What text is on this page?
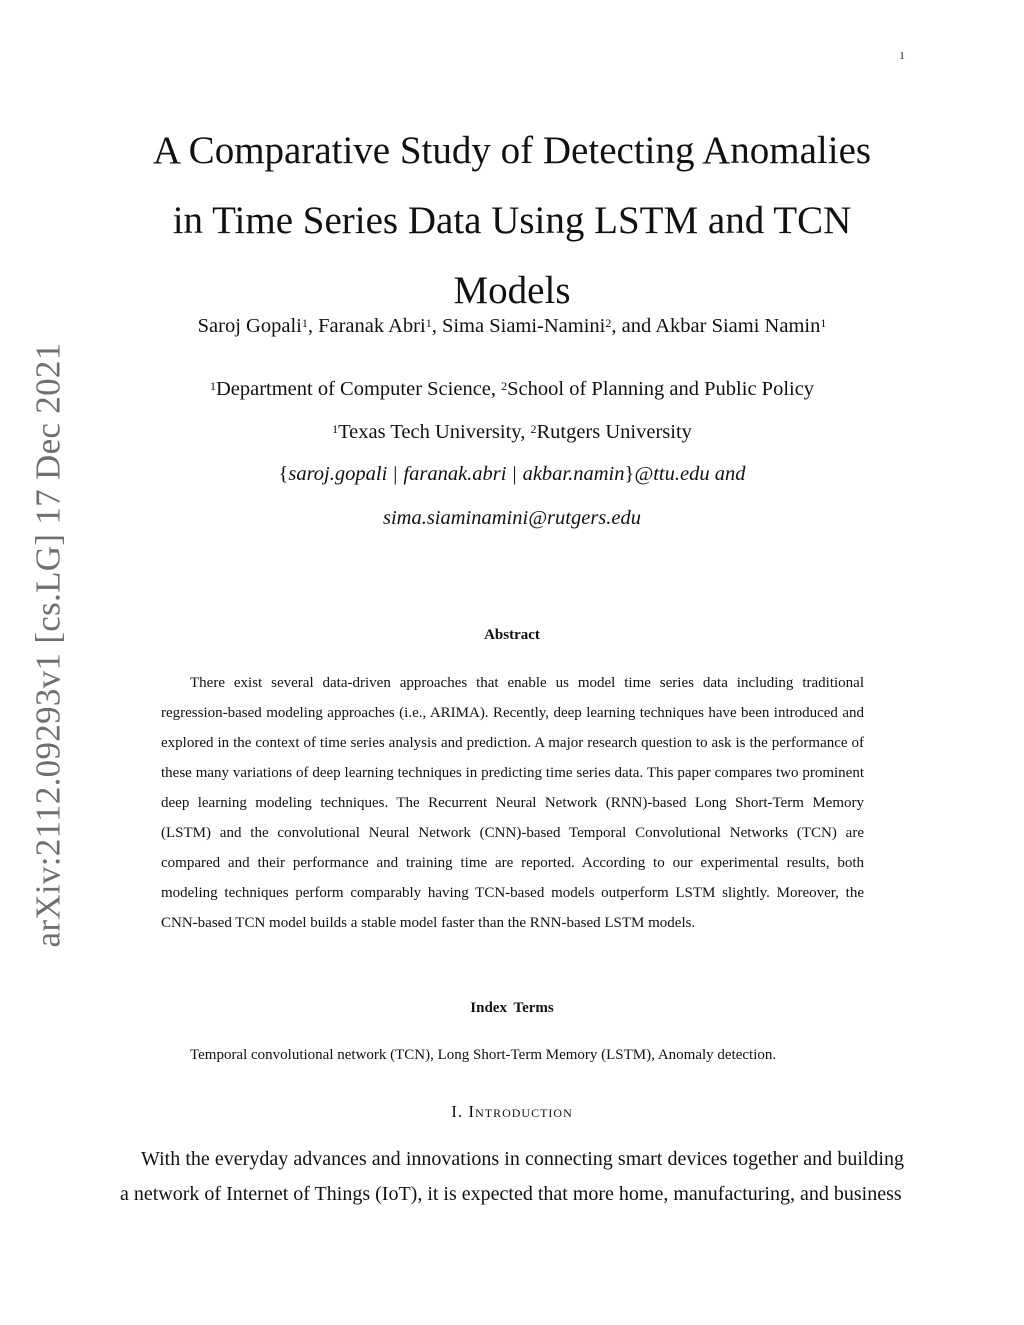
1
arXiv:2112.09293v1 [cs.LG] 17 Dec 2021
A Comparative Study of Detecting Anomalies
in Time Series Data Using LSTM and TCN
Models
Saroj Gopali$^1$, Faranak Abri$^1$, Sima Siami-Namini$^2$, and Akbar Siami Namin$^1$
$^1$Department of Computer Science, $^2$School of Planning and Public Policy
$^1$Texas Tech University, $^2$Rutgers University
{saroj.gopali | faranak.abri | akbar.namin}@ttu.edu and
sima.siaminamini@rutgers.edu
Abstract

There exist several data-driven approaches that enable us model time series data including traditional regression-based modeling approaches (i.e., ARIMA). Recently, deep learning techniques have been introduced and explored in the context of time series analysis and prediction. A major research question to ask is the performance of these many variations of deep learning techniques in predicting time series data. This paper compares two prominent deep learning modeling techniques. The Recurrent Neural Network (RNN)-based Long Short-Term Memory (LSTM) and the convolutional Neural Network (CNN)-based Temporal Convolutional Networks (TCN) are compared and their performance and training time are reported. According to our experimental results, both modeling techniques perform comparably having TCN-based models outperform LSTM slightly. Moreover, the CNN-based TCN model builds a stable model faster than the RNN-based LSTM models.

Index Terms

Temporal convolutional network (TCN), Long Short-Term Memory (LSTM), Anomaly detection.

I. Introduction

With the everyday advances and innovations in connecting smart devices together and building a network of Internet of Things (IoT), it is expected that more home, manufacturing, and business
